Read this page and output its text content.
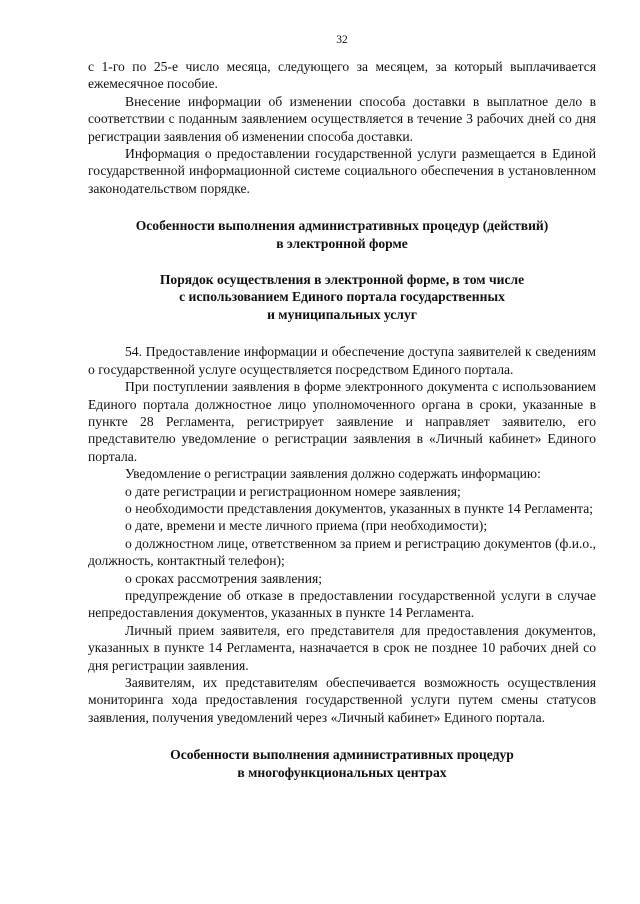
32

с 1-го по 25-е число месяца, следующего за месяцем, за который выплачивается ежемесячное пособие.

Внесение информации об изменении способа доставки в выплатное дело в соответствии с поданным заявлением осуществляется в течение 3 рабочих дней со дня регистрации заявления об изменении способа доставки.

Информация о предоставлении государственной услуги размещается в Единой государственной информационной системе социального обеспечения в установленном законодательством порядке.

Особенности выполнения административных процедур (действий)
в электронной форме
Порядок осуществления в электронной форме, в том числе
с использованием Единого портала государственных
и муниципальных услуг

54. Предоставление информации и обеспечение доступа заявителей к сведениям о государственной услуге осуществляется посредством Единого портала.

При поступлении заявления в форме электронного документа с использованием Единого портала должностное лицо уполномоченного органа в сроки, указанные в пункте 28 Регламента, регистрирует заявление и направляет заявителю, его представителю уведомление о регистрации заявления в «Личный кабинет» Единого портала.

Уведомление о регистрации заявления должно содержать информацию:

о дате регистрации и регистрационном номере заявления;

о необходимости представления документов, указанных в пункте 14 Регламента;

о дате, времени и месте личного приема (при необходимости);

о должностном лице, ответственном за прием и регистрацию документов (ф.и.о., должность, контактный телефон);

о сроках рассмотрения заявления;

предупреждение об отказе в предоставлении государственной услуги в случае непредоставления документов, указанных в пункте 14 Регламента.

Личный прием заявителя, его представителя для предоставления документов, указанных в пункте 14 Регламента, назначается в срок не позднее 10 рабочих дней со дня регистрации заявления.

Заявителям, их представителям обеспечивается возможность осуществления мониторинга хода предоставления государственной услуги путем смены статусов заявления, получения уведомлений через «Личный кабинет» Единого портала.

Особенности выполнения административных процедур
в многофункциональных центрах
